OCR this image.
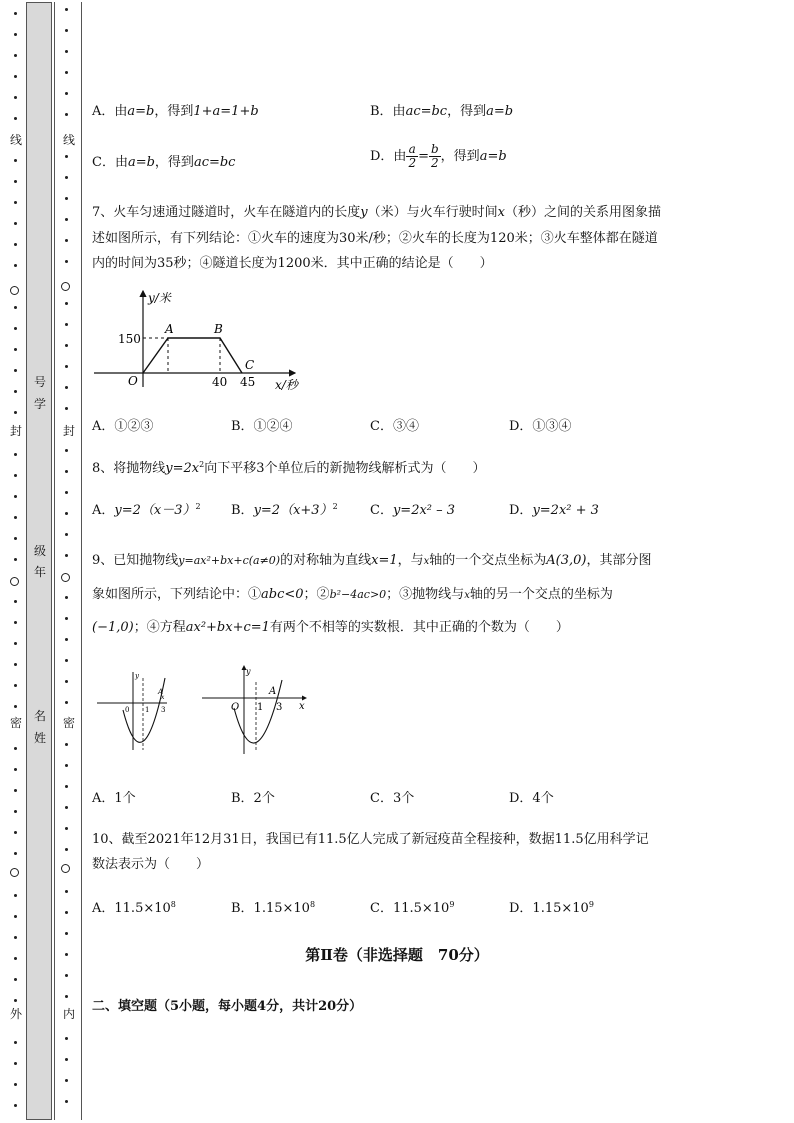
线
封
密
外
线
封
密
内
号
学
级
年
名
姓
A．由a=b，得到1+a=1+b	B．由ac=bc，得到a=b
C．由a=b，得到ac=bc	D．由 $\frac{a}{2} = \frac{b}{2}$ ，得到a=b
7、火车匀速通过隧道时，火车在隧道内的长度y（米）与火车行驶时间x（秒）之间的关系用图象描
述如图所示，有下列结论：①火车的速度为30米/秒；②火车的长度为120米；③火车整体都在隧道
内的时间为35秒；④隧道长度为1200米．其中正确的结论是（　　）
y/米
150
A	B
C
O	40 45 x/秒
A．①②③	B．①②④	C．③④	D．①③④
8、将抛物线$y=2x^2$向下平移3个单位后的新抛物线解析式为（　　）
A．$y=2(x-3)^2$ B．$y=2(x+3)^2$ C．y=2x² – 3	D．y=2x² + 3
9、已知抛物线y=ax²+bx+c(a≠0)的对称轴为直线x=1，与x轴的一个交点坐标为A(3,0)，其部分图
象如图所示，下列结论中：①abc<0；②b²−4ac>0；③抛物线与x轴的另一个交点的坐标为
(−1,0)；④方程ax²+bx+c=1有两个不相等的实数根．其中正确的个数为（　　）
0 1 3
A
y
x
O 1 3
A
y
x
A．1个	B．2个	C．3个	D．4个
10、截至2021年12月31日，我国已有11.5亿人完成了新冠疫苗全程接种，数据11.5亿用科学记
数法表示为（　　）
A．$11.5\times 10^8$	B．$1.15\times 10^8$	C．$11.5\times 10^9$	D．$1.15\times 10^9$
第Ⅱ卷（非选择题　70分）
二、填空题（5小题，每小题4分，共计20分）
